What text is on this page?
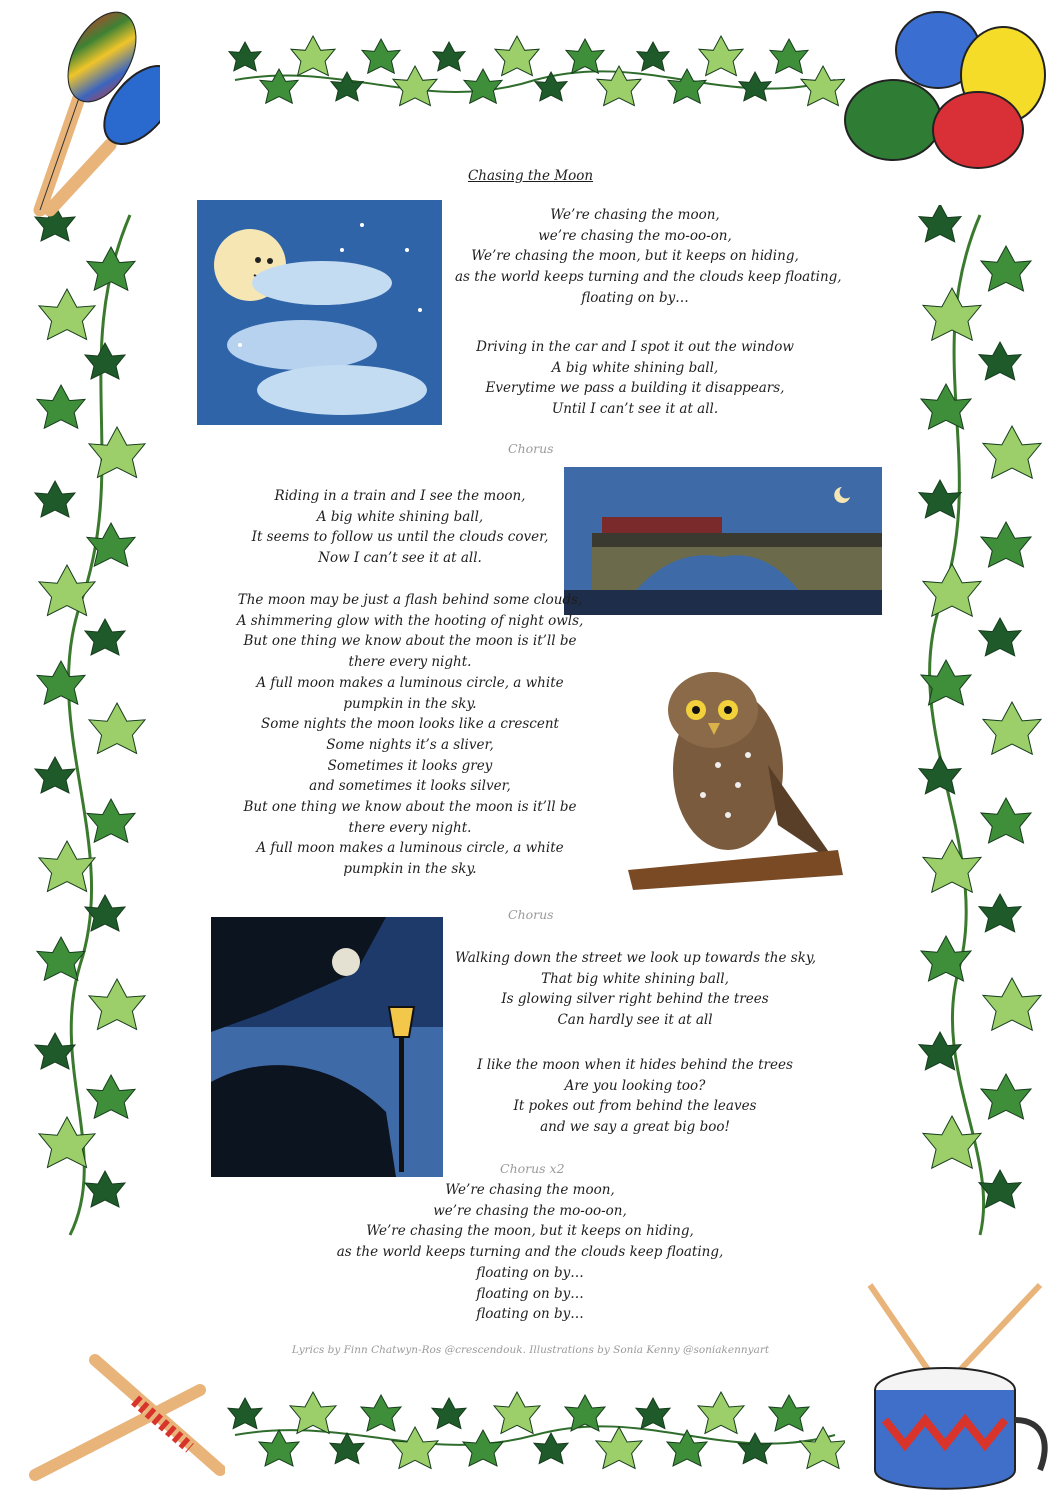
Chasing the Moon
We’re chasing the moon,
we’re chasing the mo-oo-on,
We’re chasing the moon, but it keeps on hiding,
as the world keeps turning and the clouds keep floating,
floating on by…
Driving in the car and I spot it out the window
A big white shining ball,
Everytime we pass a building it disappears,
Until I can’t see it at all.
Chorus
Riding in a train and I see the moon,
A big white shining ball,
It seems to follow us until the clouds cover,
Now I can’t see it at all.
The moon may be just a flash behind some clouds,
A shimmering glow with the hooting of night owls,
But one thing we know about the moon is it’ll be
there every night.
A full moon makes a luminous circle, a white
pumpkin in the sky.
Some nights the moon looks like a crescent
Some nights it’s a sliver,
Sometimes it looks grey
and sometimes it looks silver,
But one thing we know about the moon is it’ll be
there every night.
A full moon makes a luminous circle, a white
pumpkin in the sky.
Chorus
Walking down the street we look up towards the sky,
That big white shining ball,
Is glowing silver right behind the trees
Can hardly see it at all
I like the moon when it hides behind the trees
Are you looking too?
It pokes out from behind the leaves
and we say a great big boo!
Chorus x2
We’re chasing the moon,
we’re chasing the mo-oo-on,
We’re chasing the moon, but it keeps on hiding,
as the world keeps turning and the clouds keep floating,
floating on by…
floating on by…
floating on by…
Lyrics by Finn Chatwyn-Ros @crescendouk. Illustrations by Sonia Kenny @soniakennyart
